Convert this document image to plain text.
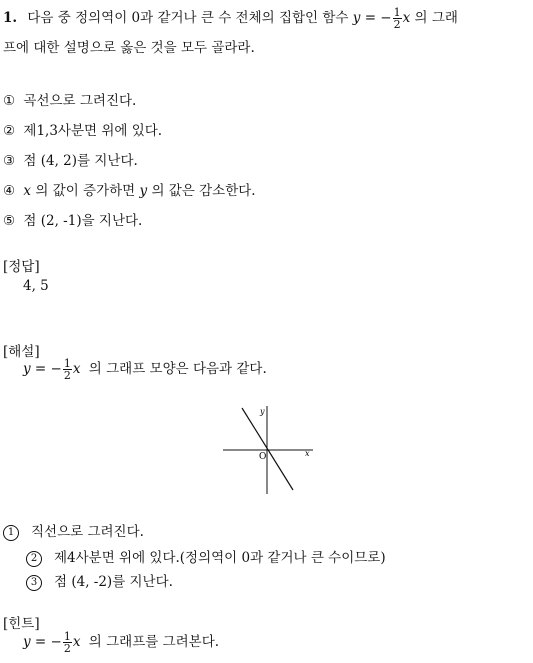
1. 다음 중 정의역이 0과 같거나 큰 수 전체의 집합인 함수 y = − $\frac{1}{2}$ x 의 그래
프에 대한 설명으로 옳은 것을 모두 골라라.
① 곡선으로 그려진다.
② 제1,3사분면 위에 있다.
③ 점 (4, 2)를 지난다.
④ x 의 값이 증가하면 y 의 값은 감소한다.
⑤ 점 (2, -1)을 지난다.
[정답]
4, 5
[해설]
y = − $\frac{1}{2}$ x 의 그래프 모양은 다음과 같다.
y
x
O
1 직선으로 그려진다.
2 제4사분면 위에 있다.(정의역이 0과 같거나 큰 수이므로)
3 점 (4, -2)를 지난다.
[힌트]
y = − $\frac{1}{2}$ x 의 그래프를 그려본다.
